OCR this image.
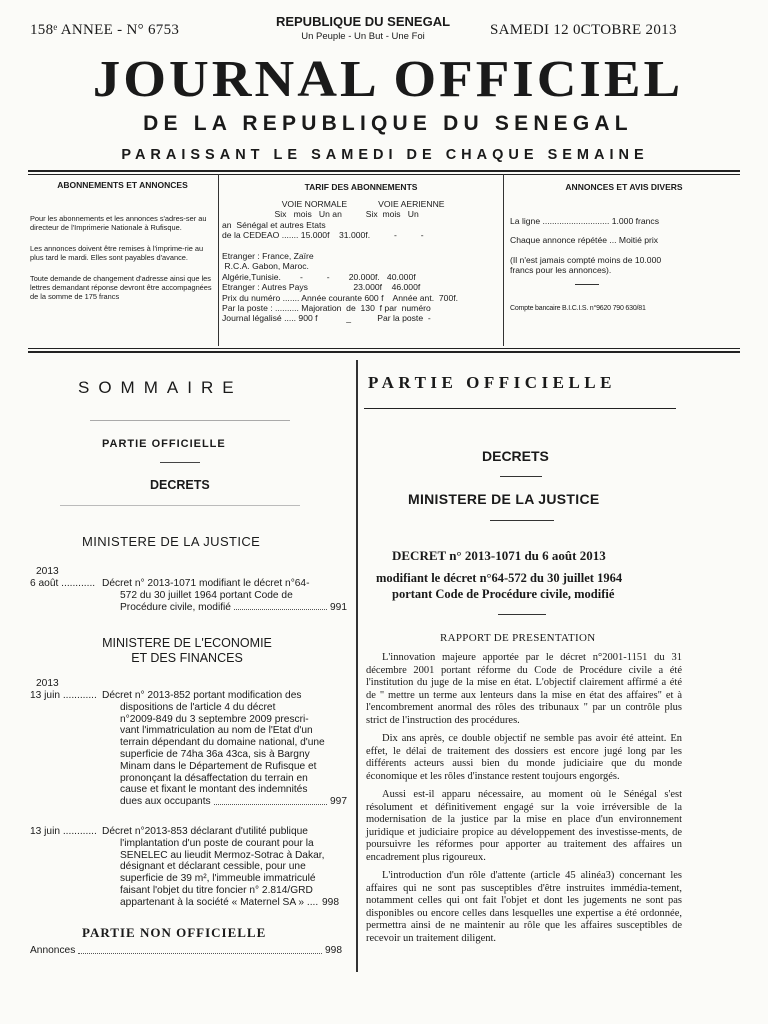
158ᵉ ANNEE - N° 6753
REPUBLIQUE DU SENEGAL
Un Peuple - Un But - Une Foi	SAMEDI 12 0CTOBRE 2013
JOURNAL OFFICIEL
DE LA REPUBLIQUE DU SENEGAL
PARAISSANT LE SAMEDI DE CHAQUE SEMAINE
ABONNEMENTS ET ANNONCES
Pour les abonnements et les annonces s'adres-ser au directeur de l'Imprimerie Nationale à Rufisque.
Les annonces doivent être remises à l'imprime-rie au plus tard le mardi. Elles sont payables d'avance.
Toute demande de changement d'adresse ainsi que les lettres demandant réponse devront être accompagnées de la somme de 175 francs
TARIF DES ABONNEMENTS
VOIE NORMALE             VOIE AERIENNE
Six   mois   Un an          Six  mois   Un
an  Sénégal et autres Etats
de la CEDEAO ....... 15.000f    31.000f.          -          -

Etranger : France, Zaïre
R.C.A. Gabon, Maroc.
Algérie,Tunisie.        -          -        20.000f.   40.000f
Etranger : Autres Pays                   23.000f    46.000f
Prix du numéro ....... Année courante 600 f    Année ant.  700f.
Par la poste : .......... Majoration  de  130  f par  numéro
Journal légalisé ..... 900 f            _           Par la poste  -
ANNONCES ET AVIS DIVERS
La ligne ............................ 1.000 francs
Chaque annonce répétée ... Moitié prix
(Il n'est jamais compté moins de 10.000 francs pour les annonces).
Compte bancaire B.I.C.I.S. n°9620 790 630/81
SOMMAIRE
PARTIE OFFICIELLE
DECRETS
MINISTERE DE LA JUSTICE
2013
6 août ............ Décret n° 2013-1071 modifiant le décret n°64-
572 du 30 juillet 1964 portant Code de
Procédure civile, modifié	991
MINISTERE DE L'ECONOMIE
ET DES FINANCES
2013
13 juin ............ Décret n° 2013-852 portant modification des
dispositions de l'article 4 du décret
n°2009-849 du 3 septembre 2009 prescri-
vant l'immatriculation au nom de l'Etat d'un
terrain dépendant du domaine national, d'une
superficie de 74ha 36a 43ca, sis à Bargny
Minam dans le Département de Rufisque et
prononçant la désaffectation du terrain en
cause et fixant le montant des indemnités
dues aux occupants	997
13 juin ............ Décret n°2013-853 déclarant d'utilité publique
l'implantation d'un poste de courant pour la
SENELEC au lieudit Mermoz-Sotrac à Dakar,
désignant et déclarant cessible, pour une
superficie de 39 m², l'immeuble immatriculé
faisant l'objet du titre foncier n° 2.814/GRD
appartenant à la société « Maternel SA » .... 998
PARTIE NON OFFICIELLE
Annonces	998
PARTIE OFFICIELLE
DECRETS
MINISTERE DE LA JUSTICE
DECRET n° 2013-1071 du 6 août 2013
modifiant le décret n°64-572 du 30 juillet 1964
portant Code de Procédure civile, modifié
RAPPORT DE PRESENTATION
L'innovation majeure apportée par le décret n°2001-1151 du 31 décembre 2001 portant réforme du Code de Procédure civile a été l'institution du juge de la mise en état. L'objectif clairement affirmé a été de " mettre un terme aux lenteurs dans la mise en état des affaires" et à l'encombrement anormal des rôles des tribunaux " par un contrôle plus strict de l'instruction des procédures.
Dix ans après, ce double objectif ne semble pas avoir été atteint. En effet, le délai de traitement des dossiers est encore jugé long par les différents acteurs aussi bien du monde judiciaire que du monde économique et les rôles d'instance restent toujours engorgés.
Aussi est-il apparu nécessaire, au moment où le Sénégal s'est résolument et définitivement engagé sur la voie irréversible de la modernisation de la justice par la mise en place d'un environnement juridique et judiciaire propice au développement des investisse-ments, de poursuivre les réformes pour apporter au traitement des affaires un encadrement plus rigoureux.
L'introduction d'un rôle d'attente (article 45 alinéa3) concernant les affaires qui ne sont pas susceptibles d'être instruites immédia-tement, notamment celles qui ont fait l'objet et dont les jugements ne sont pas disponibles ou encore celles dans lesquelles une expertise a été ordonnée, permettra ainsi de ne maintenir au rôle que les affaires susceptibles de recevoir un traitement diligent.
